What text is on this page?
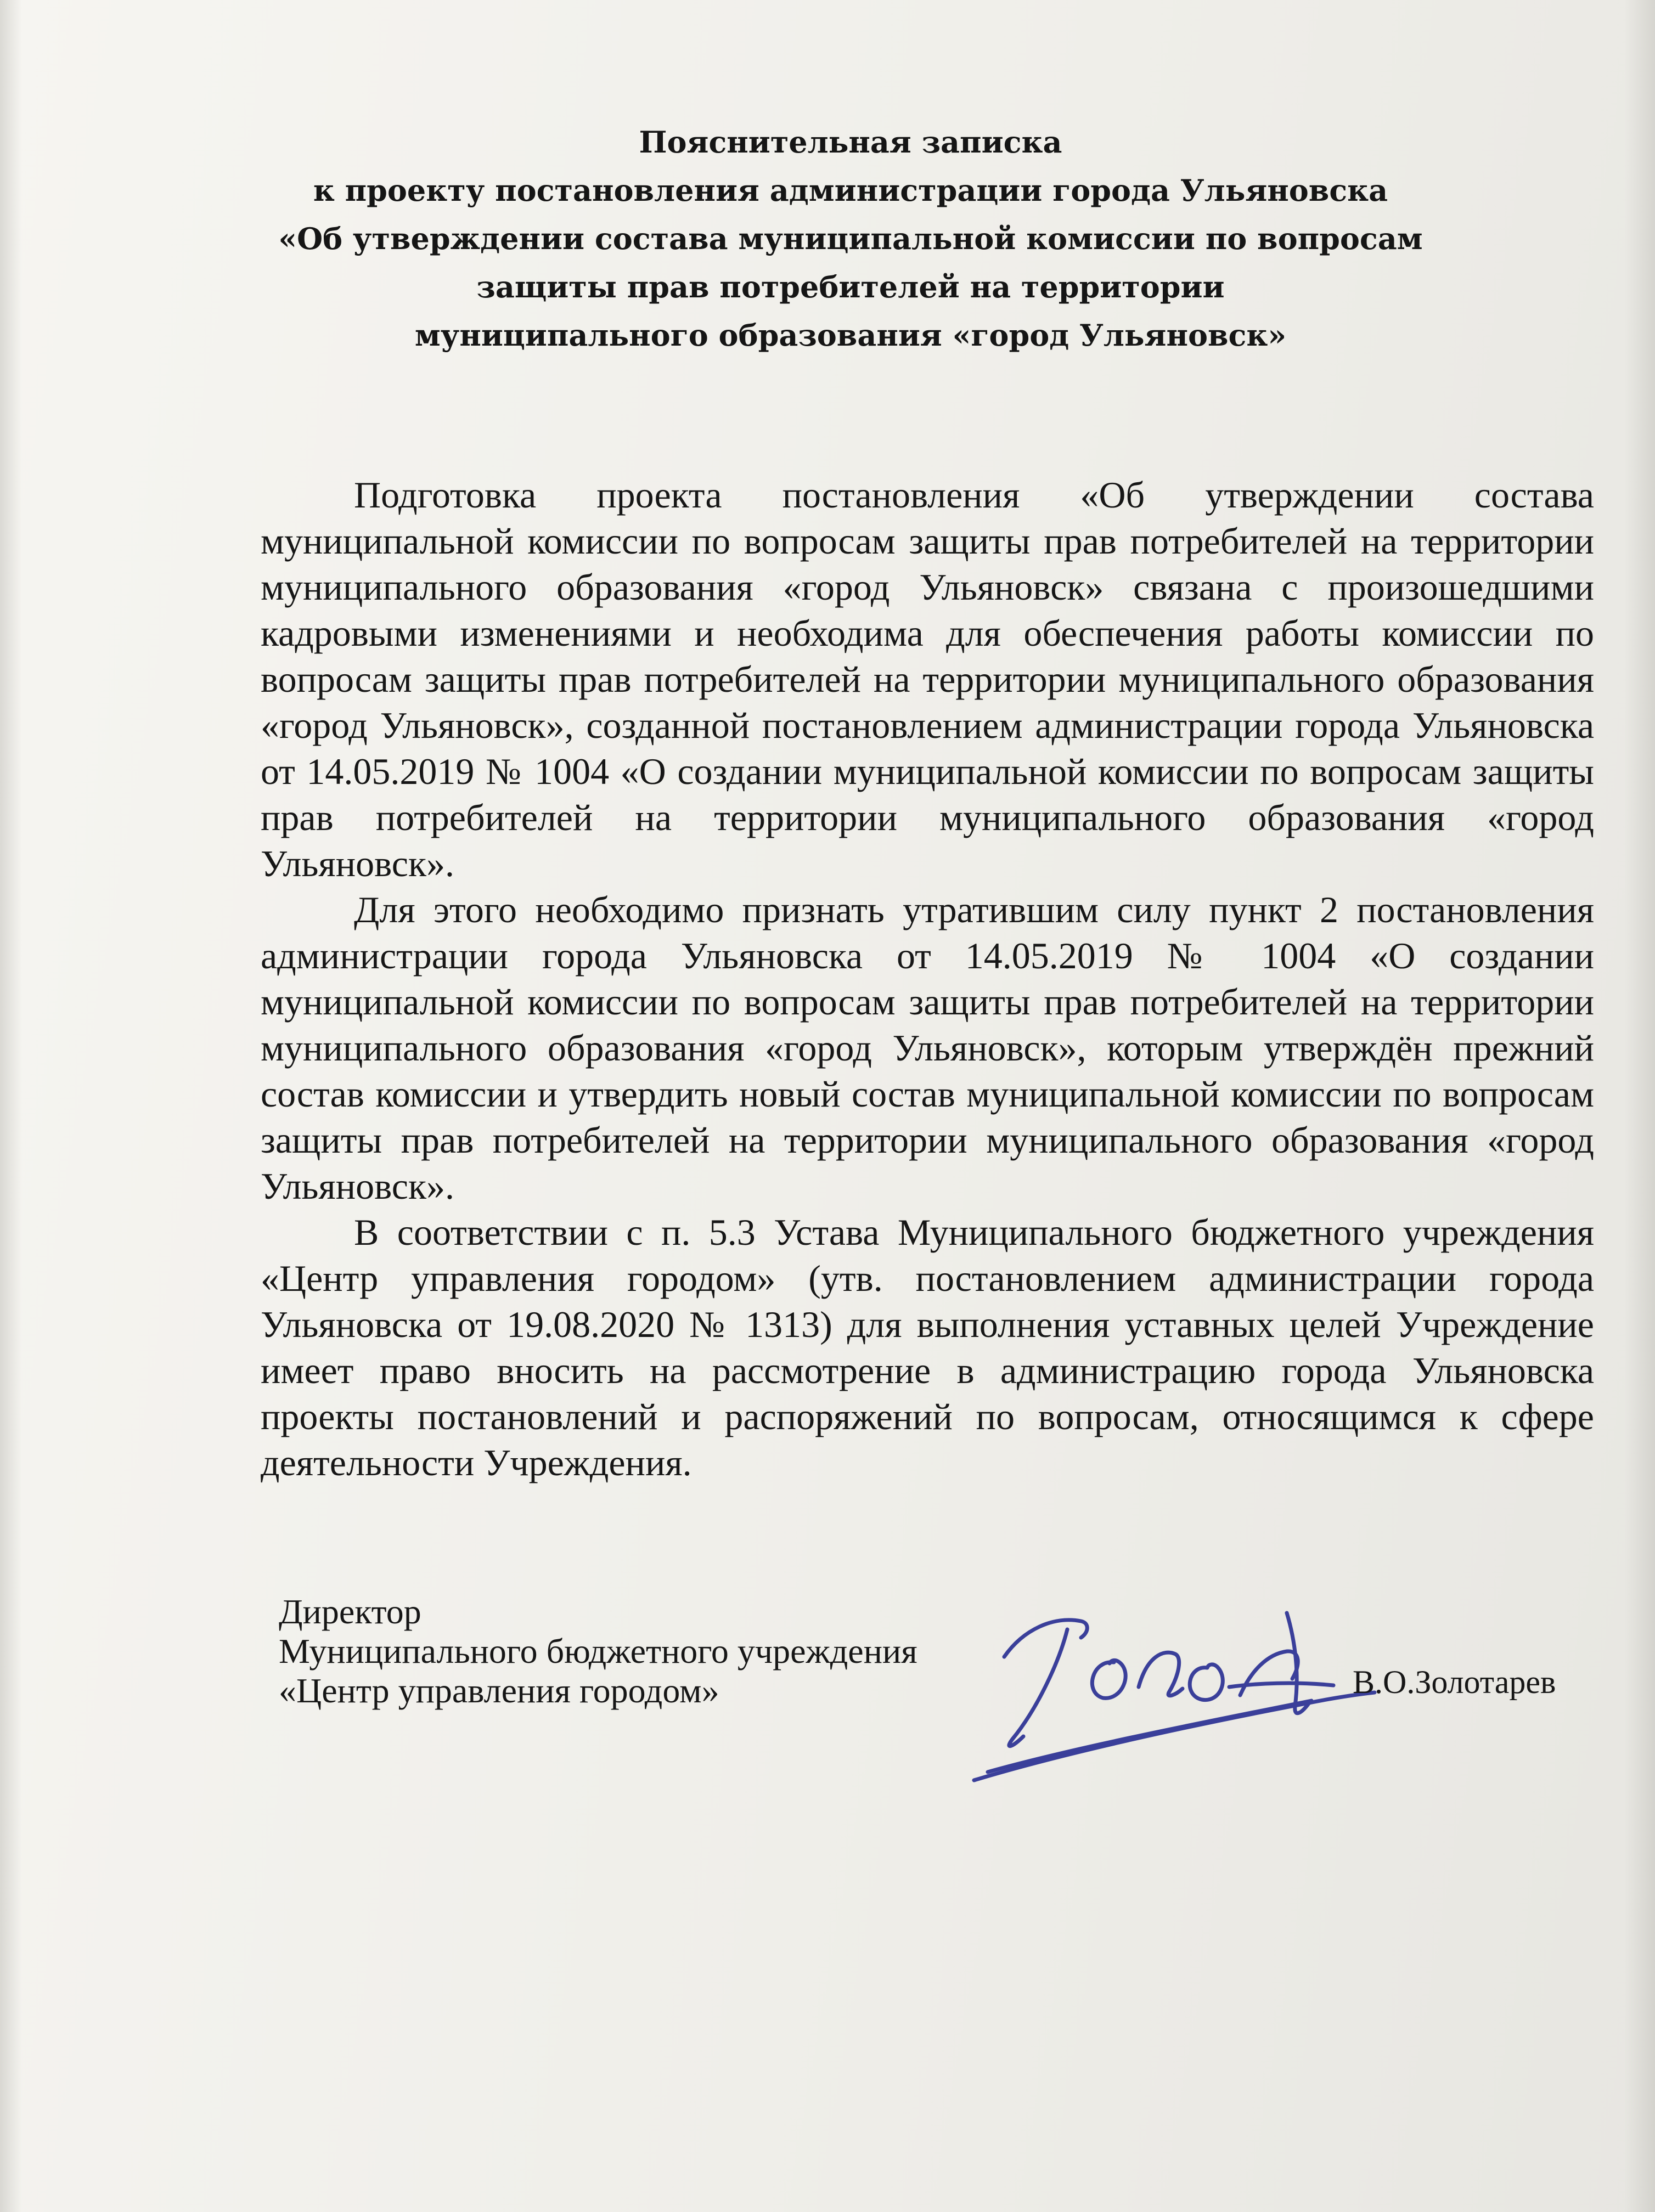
Пояснительная записка
к проекту постановления администрации города Ульяновска
«Об утверждении состава муниципальной комиссии по вопросам
защиты прав потребителей на территории
муниципального образования «город Ульяновск»

Подготовка проекта постановления «Об утверждении состава муниципальной комиссии по вопросам защиты прав потребителей на территории муниципального образования «город Ульяновск» связана с произошедшими кадровыми изменениями и необходима для обеспечения работы комиссии по вопросам защиты прав потребителей на территории муниципального образования «город Ульяновск», созданной постановлением администрации города Ульяновска от 14.05.2019 № 1004 «О создании муниципальной комиссии по вопросам защиты прав потребителей на территории муниципального образования «город Ульяновск».

Для этого необходимо признать утратившим силу пункт 2 постановления администрации города Ульяновска от 14.05.2019 № 1004 «О создании муниципальной комиссии по вопросам защиты прав потребителей на территории муниципального образования «город Ульяновск», которым утверждён прежний состав комиссии и утвердить новый состав муниципальной комиссии по вопросам защиты прав потребителей на территории муниципального образования «город Ульяновск».

В соответствии с п. 5.3 Устава Муниципального бюджетного учреждения «Центр управления городом» (утв. постановлением администрации города Ульяновска от 19.08.2020 № 1313) для выполнения уставных целей Учреждение имеет право вносить на рассмотрение в администрацию города Ульяновска проекты постановлений и распоряжений по вопросам, относящимся к сфере деятельности Учреждения.

Директор
Муниципального бюджетного учреждения
«Центр управления городом»	В.О.Золотарев
